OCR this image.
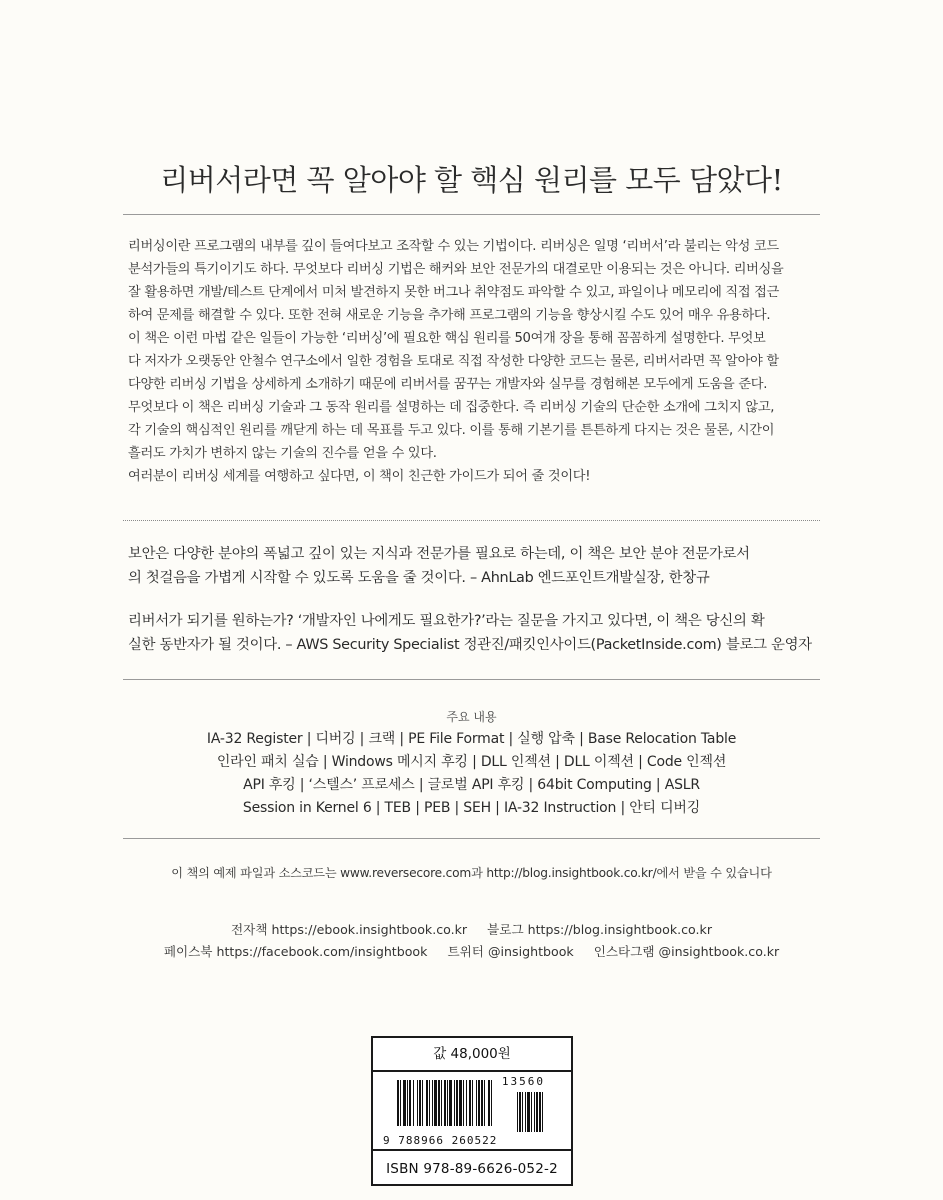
리버서라면 꼭 알아야 할 핵심 원리를 모두 담았다!

리버싱이란 프로그램의 내부를 깊이 들여다보고 조작할 수 있는 기법이다. 리버싱은 일명 ‘리버서’라 불리는 악성 코드

분석가들의 특기이기도 하다. 무엇보다 리버싱 기법은 해커와 보안 전문가의 대결로만 이용되는 것은 아니다. 리버싱을

잘 활용하면 개발/테스트 단계에서 미처 발견하지 못한 버그나 취약점도 파악할 수 있고, 파일이나 메모리에 직접 접근

하여 문제를 해결할 수 있다. 또한 전혀 새로운 기능을 추가해 프로그램의 기능을 향상시킬 수도 있어 매우 유용하다.

이 책은 이런 마법 같은 일들이 가능한 ‘리버싱’에 필요한 핵심 원리를 50여개 장을 통해 꼼꼼하게 설명한다. 무엇보

다 저자가 오랫동안 안철수 연구소에서 일한 경험을 토대로 직접 작성한 다양한 코드는 물론, 리버서라면 꼭 알아야 할

다양한 리버싱 기법을 상세하게 소개하기 때문에 리버서를 꿈꾸는 개발자와 실무를 경험해본 모두에게 도움을 준다.

무엇보다 이 책은 리버싱 기술과 그 동작 원리를 설명하는 데 집중한다. 즉 리버싱 기술의 단순한 소개에 그치지 않고,

각 기술의 핵심적인 원리를 깨닫게 하는 데 목표를 두고 있다. 이를 통해 기본기를 튼튼하게 다지는 것은 물론, 시간이

흘러도 가치가 변하지 않는 기술의 진수를 얻을 수 있다.

여러분이 리버싱 세계를 여행하고 싶다면, 이 책이 친근한 가이드가 되어 줄 것이다!

보안은 다양한 분야의 폭넓고 깊이 있는 지식과 전문가를 필요로 하는데, 이 책은 보안 분야 전문가로서
의 첫걸음을 가볍게 시작할 수 있도록 도움을 줄 것이다. – AhnLab 엔드포인트개발실장, 한창규
리버서가 되기를 원하는가? ‘개발자인 나에게도 필요한가?’라는 질문을 가지고 있다면, 이 책은 당신의 확
실한 동반자가 될 것이다. – AWS Security Specialist 정관진/패킷인사이드(PacketInside.com) 블로그 운영자
주요 내용
IA-32 Register | 디버깅 | 크랙 | PE File Format | 실행 압축 | Base Relocation Table
인라인 패치 실습 | Windows 메시지 후킹 | DLL 인젝션 | DLL 이젝션 | Code 인젝션
API 후킹 | ‘스텔스’ 프로세스 | 글로벌 API 후킹 | 64bit Computing | ASLR
Session in Kernel 6 | TEB | PEB | SEH | IA-32 Instruction | 안티 디버깅
이 책의 예제 파일과 소스코드는 www.reversecore.com과 http://blog.insightbook.co.kr/에서 받을 수 있습니다
전자책 https://ebook.insightbook.co.kr 블로그 https://blog.insightbook.co.kr
페이스북 https://facebook.com/insightbook 트위터 @insightbook 인스타그램 @insightbook.co.kr
값 48,000원
13560
9 788966 260522
ISBN 978-89-6626-052-2
